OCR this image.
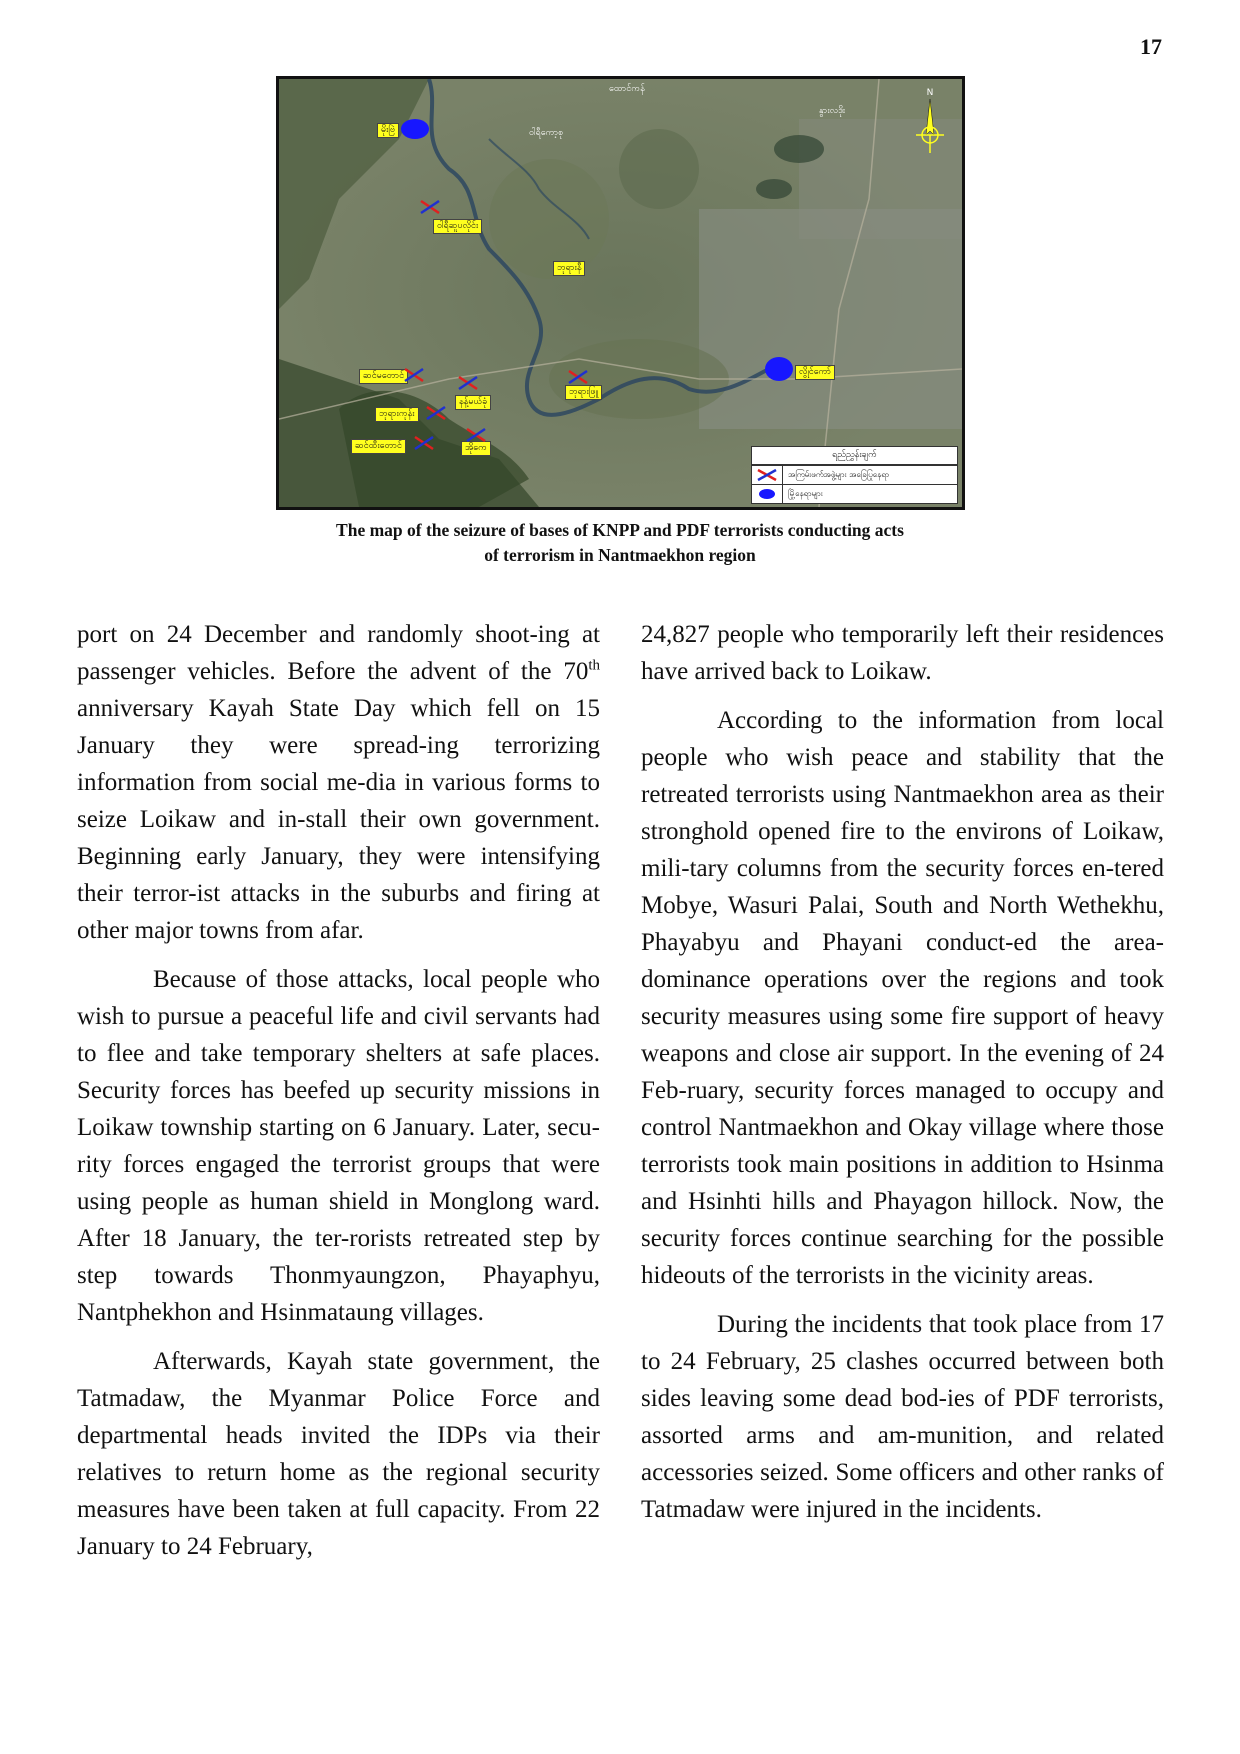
17
N
ထောင်ကန်
နွားလဒိုး
ဝါရီကော့စု
မိုးဗြဲ
ဝါရီဆူပလိုင်း
ဘုရားနီ
ဆင်မတောင်
နန့်မယ်ခုံ
ဘုရားဖြူ
ဘုရားကုန်း
ဆင်ထီးတောင်	အိုကေ
လွိုင်ကော်
ရည်ညွှန်းချက်
အကြမ်းဖက်အဖွဲ့များ အခြေပြုနေရာ
မြို့နေရာများ
The map of the seizure of bases of KNPP and PDF terrorists conducting acts
of terrorism in Nantmaekhon region

port on 24 December and randomly shoot-ing at passenger vehicles. Before the advent of the 70th anniversary Kayah State Day which fell on 15 January they were spread-ing terrorizing information from social me-dia in various forms to seize Loikaw and in-stall their own government. Beginning early January, they were intensifying their terror-ist attacks in the suburbs and firing at other major towns from afar.

Because of those attacks, local people who wish to pursue a peaceful life and civil servants had to flee and take temporary shelters at safe places. Security forces has beefed up security missions in Loikaw township starting on 6 January. Later, secu-rity forces engaged the terrorist groups that were using people as human shield in Monglong ward. After 18 January, the ter-rorists retreated step by step towards Thonmyaungzon, Phayaphyu, Nantphekhon and Hsinmataung villages.

Afterwards, Kayah state government, the Tatmadaw, the Myanmar Police Force and departmental heads invited the IDPs via their relatives to return home as the regional security measures have been taken at full capacity. From 22 January to 24 February,

24,827 people who temporarily left their residences have arrived back to Loikaw.

According to the information from local people who wish peace and stability that the retreated terrorists using Nantmaekhon area as their stronghold opened fire to the environs of Loikaw, mili-tary columns from the security forces en-tered Mobye, Wasuri Palai, South and North Wethekhu, Phayabyu and Phayani conduct-ed the area-dominance operations over the regions and took security measures using some fire support of heavy weapons and close air support. In the evening of 24 Feb-ruary, security forces managed to occupy and control Nantmaekhon and Okay village where those terrorists took main positions in addition to Hsinma and Hsinhti hills and Phayagon hillock. Now, the security forces continue searching for the possible hideouts of the terrorists in the vicinity areas.

During the incidents that took place from 17 to 24 February, 25 clashes occurred between both sides leaving some dead bod-ies of PDF terrorists, assorted arms and am-munition, and related accessories seized. Some officers and other ranks of Tatmadaw were injured in the incidents.
